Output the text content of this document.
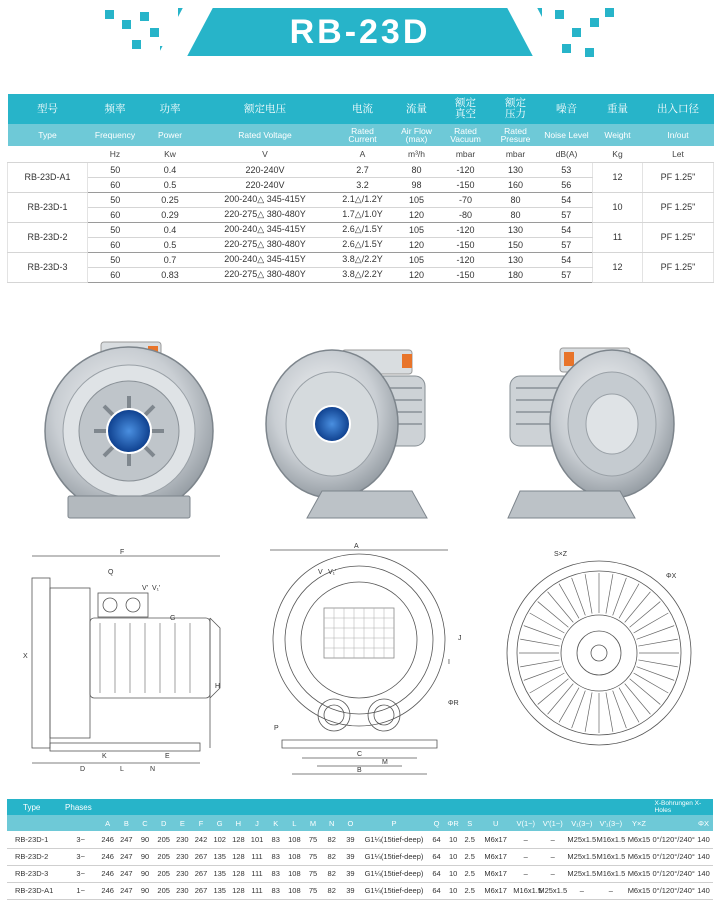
RB-23D
型号	频率	功率	额定电压	电流	流量	额定真空	额定压力	噪音	重量	出入口径
Type	Frequency	Power	Rated Voltage	Rated Current	Air Flow (max)	Rated Vacuum	Rated Presure	Noise Level	Weight	In/out
	Hz	Kw	V	A	m³/h	mbar	mbar	dB(A)	Kg	Let
RB-23D-A1	50	0.4	220-240V	2.7	80	-120	130	53	12	PF 1.25"
	60	0.5	220-240V	3.2	98	-150	160	56		
RB-23D-1	50	0.25	200-240△ 345-415Y	2.1△/1.2Y	105	-70	80	54	10	PF 1.25"
	60	0.29	220-275△ 380-480Y	1.7△/1.0Y	120	-80	80	57		
RB-23D-2	50	0.4	200-240△ 345-415Y	2.6△/1.5Y	105	-120	130	54	11	PF 1.25"
	60	0.5	220-275△ 380-480Y	2.6△/1.5Y	120	-150	150	57		
RB-23D-3	50	0.7	200-240△ 345-415Y	3.8△/2.2Y	105	-120	130	54	12	PF 1.25"
	60	0.83	220-275△ 380-480Y	3.8△/2.2Y	120	-150	180	57		
F
H
X
K
D	N
L
E
G
V' V₁'
Q
A
C
B
M
J
P
V V₁'
ΦR
I
S×Z
ΦX
Type	Phases																									X-Bohrungen X-Holes	
		A	B	C	D	E	F	G	H	J	K	L	M	N	O	P	Q	ΦR	S	U	V(1~)	V'(1~)	V₁(3~)	V'₁(3~)	Y×Z		ΦX
RB-23D-1	3~	246	247	90	205	230	242	102	128	101	83	108	75	82	39	G1¼(15tief-deep)	64	10	2.5	M6x17	–	–	M25x1.5	M16x1.5	M6x15	0°/120°/240°	140
RB-23D-2	3~	246	247	90	205	230	267	135	128	111	83	108	75	82	39	G1¼(15tief-deep)	64	10	2.5	M6x17	–	–	M25x1.5	M16x1.5	M6x15	0°/120°/240°	140
RB-23D-3	3~	246	247	90	205	230	267	135	128	111	83	108	75	82	39	G1¼(15tief-deep)	64	10	2.5	M6x17	–	–	M25x1.5	M16x1.5	M6x15	0°/120°/240°	140
RB-23D-A1	1~	246	247	90	205	230	267	135	128	111	83	108	75	82	39	G1¼(15tief-deep)	64	10	2.5	M6x17	M16x1.5	M25x1.5	–	–	M6x15	0°/120°/240°	140
